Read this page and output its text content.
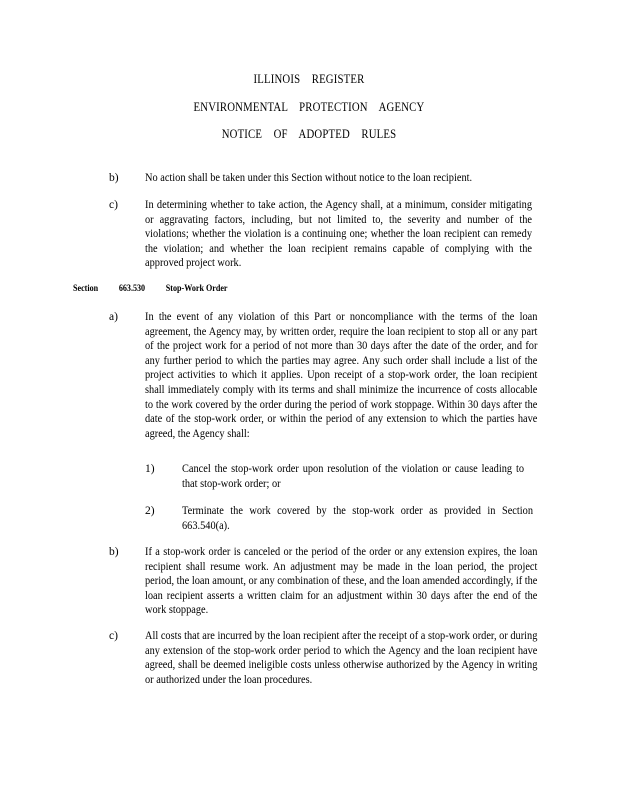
ILLINOIS REGISTER
ENVIRONMENTAL PROTECTION AGENCY
NOTICE OF ADOPTED RULES
b) No action shall be taken under this Section without notice to the loan recipient.
c) In determining whether to take action, the Agency shall, at a minimum, consider mitigating or aggravating factors, including, but not limited to, the severity and number of the violations; whether the violation is a continuing one; whether the loan recipient can remedy the violation; and whether the loan recipient remains capable of complying with the approved project work.
Section 663.530 Stop-Work Order
a) In the event of any violation of this Part or noncompliance with the terms of the loan agreement, the Agency may, by written order, require the loan recipient to stop all or any part of the project work for a period of not more than 30 days after the date of the order, and for any further period to which the parties may agree. Any such order shall include a list of the project activities to which it applies. Upon receipt of a stop-work order, the loan recipient shall immediately comply with its terms and shall minimize the incurrence of costs allocable to the work covered by the order during the period of work stoppage. Within 30 days after the date of the stop-work order, or within the period of any extension to which the parties have agreed, the Agency shall:
1) Cancel the stop-work order upon resolution of the violation or cause leading to that stop-work order; or
2) Terminate the work covered by the stop-work order as provided in Section 663.540(a).
b) If a stop-work order is canceled or the period of the order or any extension expires, the loan recipient shall resume work. An adjustment may be made in the loan period, the project period, the loan amount, or any combination of these, and the loan amended accordingly, if the loan recipient asserts a written claim for an adjustment within 30 days after the end of the work stoppage.
c) All costs that are incurred by the loan recipient after the receipt of a stop-work order, or during any extension of the stop-work order period to which the Agency and the loan recipient have agreed, shall be deemed ineligible costs unless otherwise authorized by the Agency in writing or authorized under the loan procedures.
